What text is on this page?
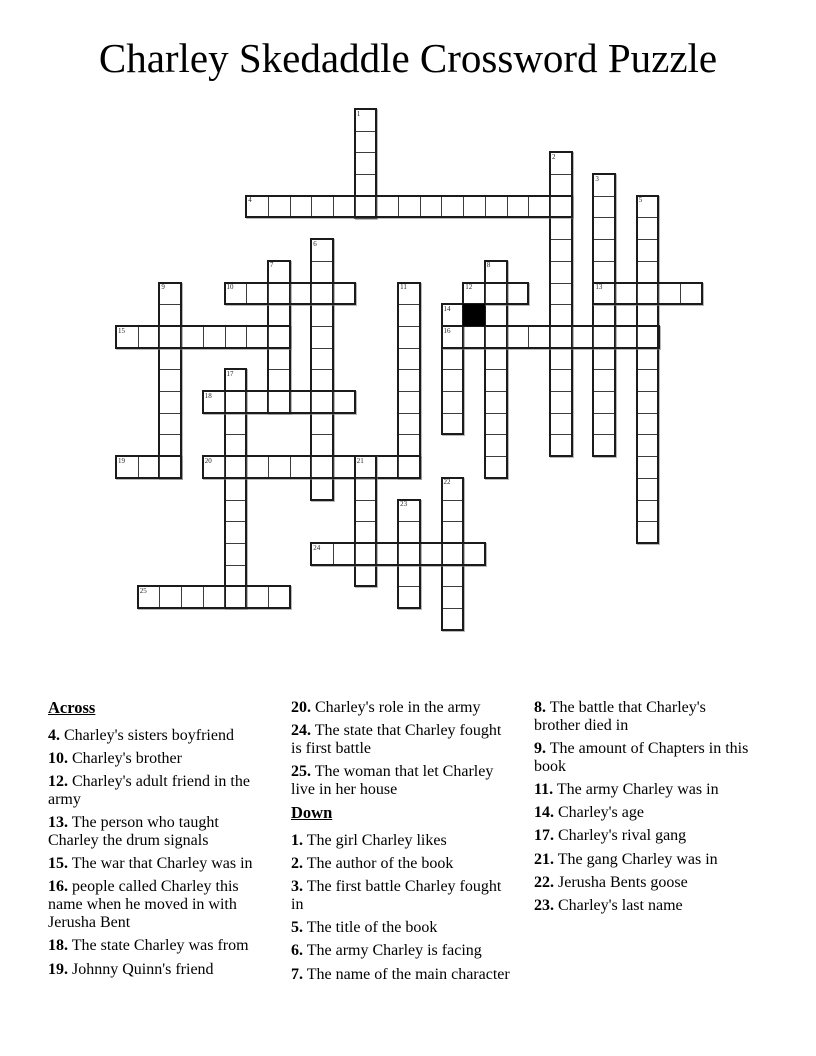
Charley Skedaddle Crossword Puzzle
1
2
3
4	5
6
7	8
9	10	11	12	13
14
15	16
17
18
19	20	21
22
23
24
25
Across

4. Charley's sisters boyfriend

10. Charley's brother

12. Charley's adult friend in the army

13. The person who taught Charley the drum signals

15. The war that Charley was in

16. people called Charley this name when he moved in with Jerusha Bent

18. The state Charley was from

19. Johnny Quinn's friend

20. Charley's role in the army

24. The state that Charley fought is first battle

25. The woman that let Charley live in her house

Down

1. The girl Charley likes

2. The author of the book

3. The first battle Charley fought in

5. The title of the book

6. The army Charley is facing

7. The name of the main character

8. The battle that Charley's brother died in

9. The amount of Chapters in this book

11. The army Charley was in

14. Charley's age

17. Charley's rival gang

21. The gang Charley was in

22. Jerusha Bents goose

23. Charley's last name
